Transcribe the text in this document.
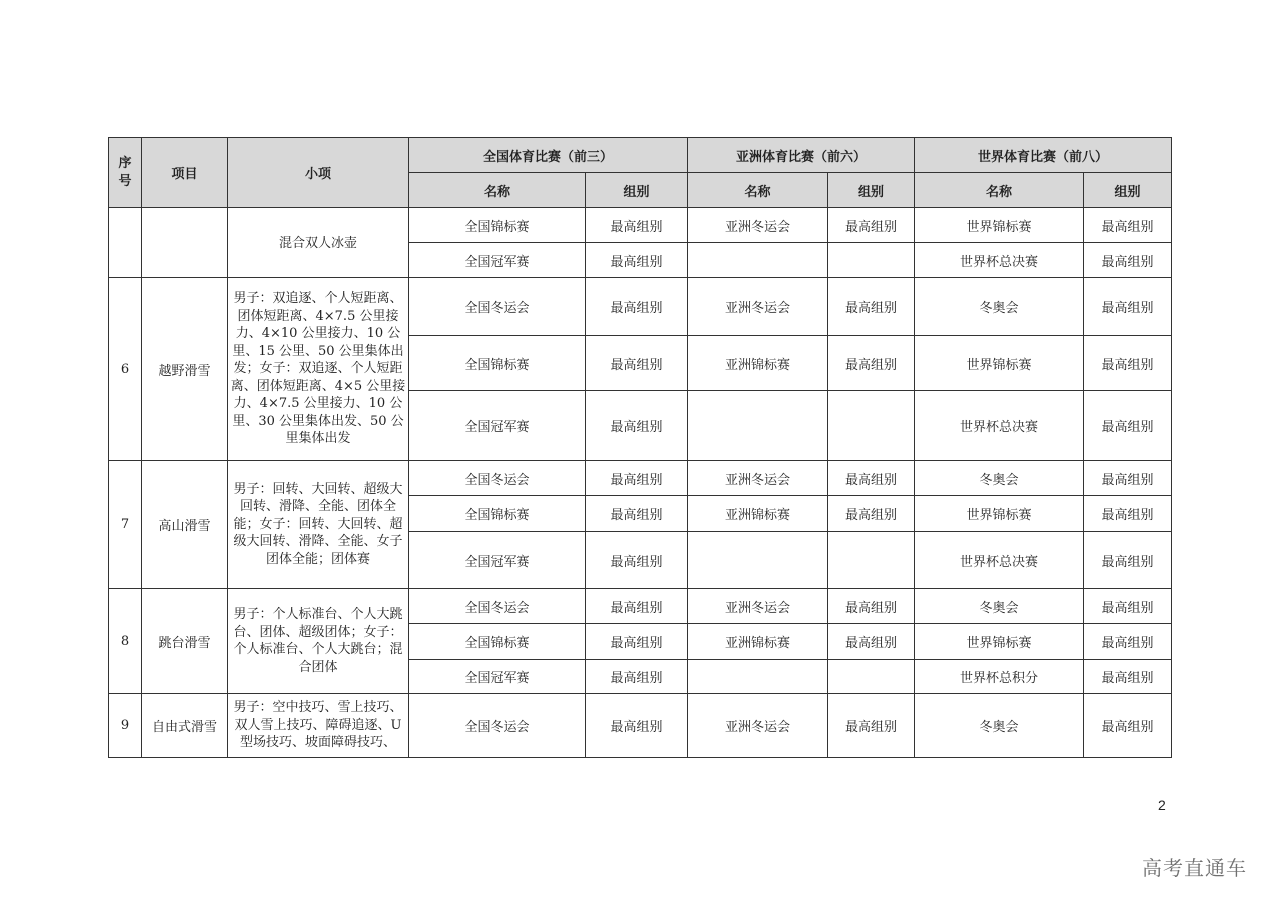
序
号	项目	小项	全国体育比赛（前三）		亚洲体育比赛（前六）		世界体育比赛（前八）	
			名称	组别	名称	组别	名称	组别
		混合双人冰壶	全国锦标赛	最高组别	亚洲冬运会	最高组别	世界锦标赛	最高组别
			全国冠军赛	最高组别			世界杯总决赛	最高组别
6	越野滑雪	男子：双追逐、个人短距离、团体短距离、4×7.5 公里接力、4×10 公里接力、10 公里、15 公里、50 公里集体出发；女子：双追逐、个人短距离、团体短距离、4×5 公里接力、4×7.5 公里接力、10 公里、30 公里集体出发、50 公里集体出发	全国冬运会	最高组别	亚洲冬运会	最高组别	冬奥会	最高组别
			全国锦标赛	最高组别	亚洲锦标赛	最高组别	世界锦标赛	最高组别
			全国冠军赛	最高组别			世界杯总决赛	最高组别
7	高山滑雪	男子：回转、大回转、超级大回转、滑降、全能、团体全能；女子：回转、大回转、超级大回转、滑降、全能、女子团体全能；团体赛	全国冬运会	最高组别	亚洲冬运会	最高组别	冬奥会	最高组别
			全国锦标赛	最高组别	亚洲锦标赛	最高组别	世界锦标赛	最高组别
			全国冠军赛	最高组别			世界杯总决赛	最高组别
8	跳台滑雪	男子：个人标准台、个人大跳台、团体、超级团体；女子：个人标准台、个人大跳台；混合团体	全国冬运会	最高组别	亚洲冬运会	最高组别	冬奥会	最高组别
			全国锦标赛	最高组别	亚洲锦标赛	最高组别	世界锦标赛	最高组别
			全国冠军赛	最高组别			世界杯总积分	最高组别
9	自由式滑雪	男子：空中技巧、雪上技巧、双人雪上技巧、障碍追逐、U 型场技巧、坡面障碍技巧、	全国冬运会	最高组别	亚洲冬运会	最高组别	冬奥会	最高组别
2
高考直通车
